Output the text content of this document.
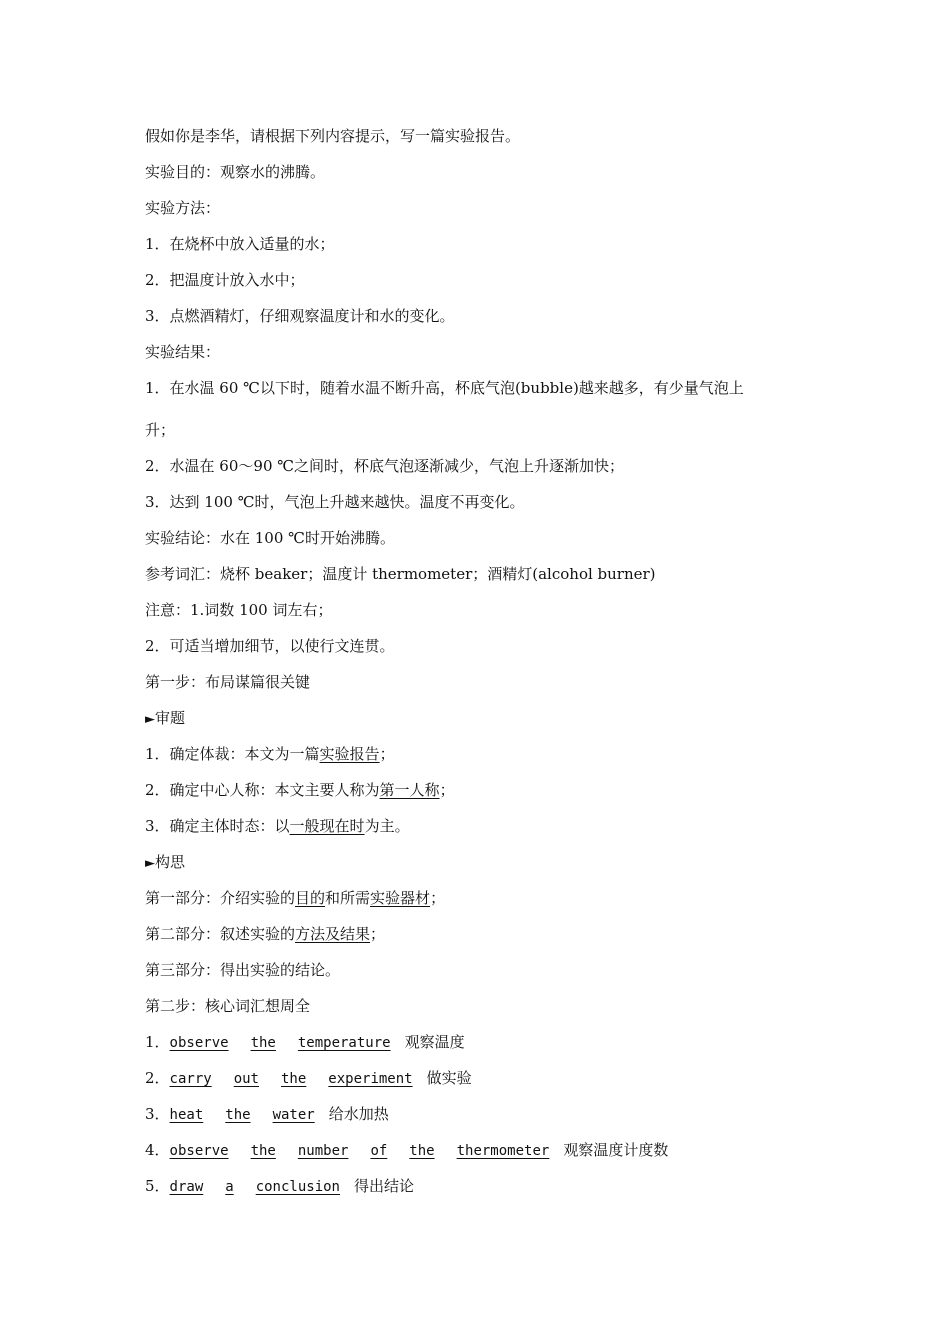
假如你是李华，请根据下列内容提示，写一篇实验报告。
实验目的：观察水的沸腾。
实验方法：
1．在烧杯中放入适量的水；
2．把温度计放入水中；
3．点燃酒精灯，仔细观察温度计和水的变化。
实验结果：
1．在水温 60 ℃以下时，随着水温不断升高，杯底气泡(bubble)越来越多，有少量气泡上
升；
2．水温在 60～90 ℃之间时，杯底气泡逐渐减少，气泡上升逐渐加快；
3．达到 100 ℃时，气泡上升越来越快。温度不再变化。
实验结论：水在 100 ℃时开始沸腾。
参考词汇：烧杯 beaker；温度计 thermometer；酒精灯(alcohol burner)
注意：1.词数 100 词左右；
2．可适当增加细节，以使行文连贯。
第一步：布局谋篇很关键
►审题
1．确定体裁：本文为一篇实验报告；
2．确定中心人称：本文主要人称为第一人称；
3．确定主体时态：以一般现在时为主。
►构思
第一部分：介绍实验的目的和所需实验器材；
第二部分：叙述实验的方法及结果；
第三部分：得出实验的结论。
第二步：核心词汇想周全
1．observe the temperature 观察温度
2．carry out the experiment 做实验
3．heat the water 给水加热
4．observe the number of the thermometer 观察温度计度数
5．draw a conclusion 得出结论
